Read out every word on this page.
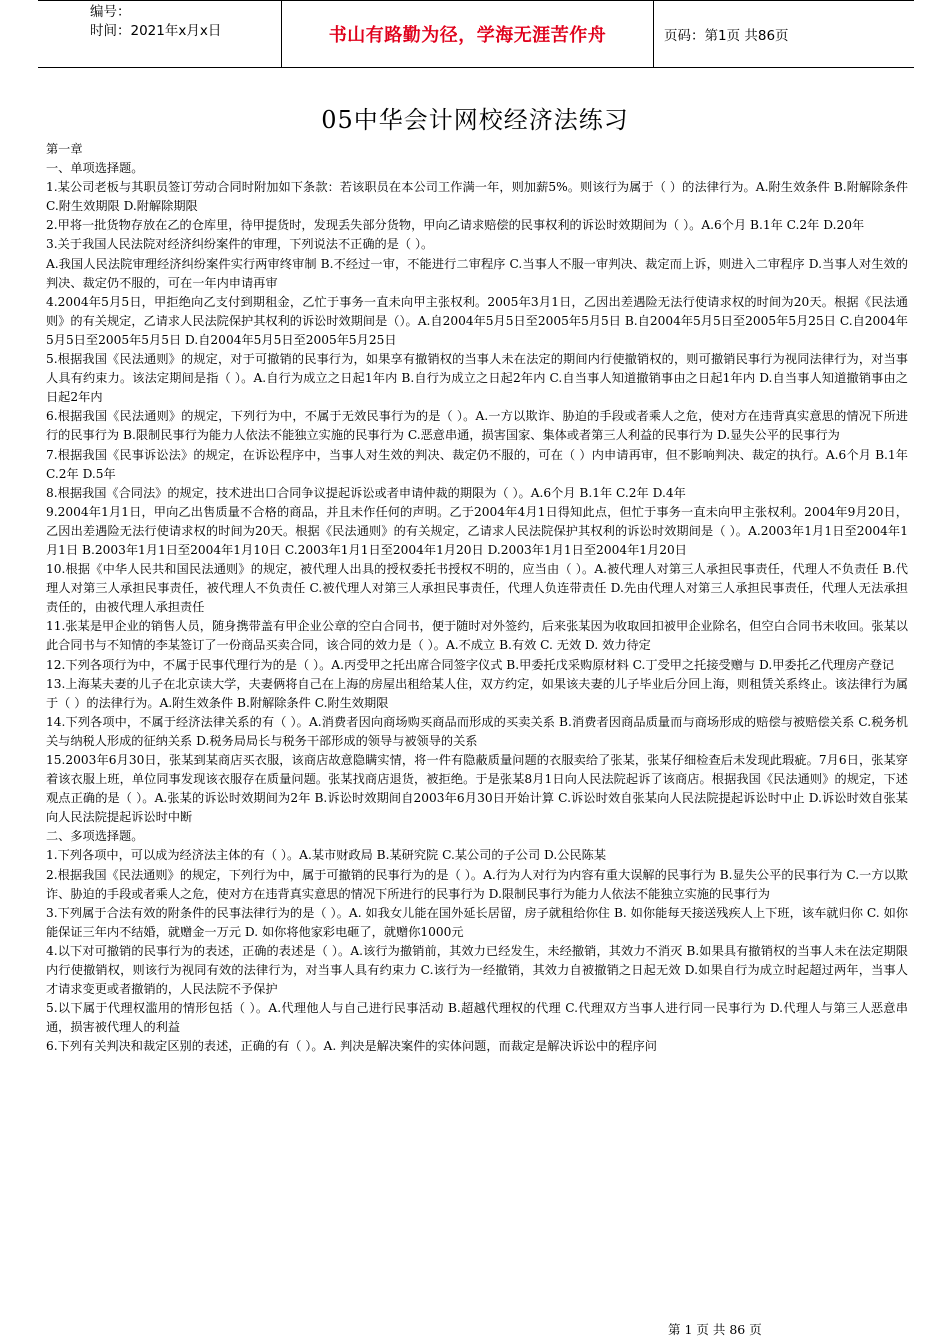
编号：
时间：2021年x月x日	书山有路勤为径，学海无涯苦作舟	页码：第1页 共86页
05中华会计网校经济法练习

第一章

一、单项选择题。

1.某公司老板与其职员签订劳动合同时附加如下条款：若该职员在本公司工作满一年，则加薪5%。则该行为属于（ ）的法律行为。A.附生效条件 B.附解除条件 C.附生效期限 D.附解除期限

2.甲将一批货物存放在乙的仓库里，待甲提货时，发现丢失部分货物，甲向乙请求赔偿的民事权利的诉讼时效期间为（ ）。A.6个月 B.1年 C.2年 D.20年

3.关于我国人民法院对经济纠纷案件的审理，下列说法不正确的是（ ）。

A.我国人民法院审理经济纠纷案件实行两审终审制 B.不经过一审，不能进行二审程序 C.当事人不服一审判决、裁定而上诉，则进入二审程序 D.当事人对生效的判决、裁定仍不服的，可在一年内申请再审

4.2004年5月5日，甲拒绝向乙支付到期租金，乙忙于事务一直未向甲主张权利。2005年3月1日，乙因出差遇险无法行使请求权的时间为20天。根据《民法通则》的有关规定，乙请求人民法院保护其权利的诉讼时效期间是（）。A.自2004年5月5日至2005年5月5日 B.自2004年5月5日至2005年5月25日 C.自2004年5月5日至2005年5月5日 D.自2004年5月5日至2005年5月25日

5.根据我国《民法通则》的规定，对于可撤销的民事行为，如果享有撤销权的当事人未在法定的期间内行使撤销权的，则可撤销民事行为视同法律行为，对当事人具有约束力。该法定期间是指（ ）。A.自行为成立之日起1年内 B.自行为成立之日起2年内 C.自当事人知道撤销事由之日起1年内 D.自当事人知道撤销事由之日起2年内

6.根据我国《民法通则》的规定，下列行为中，不属于无效民事行为的是（ ）。A.一方以欺诈、胁迫的手段或者乘人之危，使对方在违背真实意思的情况下所进行的民事行为 B.限制民事行为能力人依法不能独立实施的民事行为 C.恶意串通，损害国家、集体或者第三人利益的民事行为 D.显失公平的民事行为

7.根据我国《民事诉讼法》的规定，在诉讼程序中，当事人对生效的判决、裁定仍不服的，可在（ ）内申请再审，但不影响判决、裁定的执行。A.6个月 B.1年 C.2年 D.5年

8.根据我国《合同法》的规定，技术进出口合同争议提起诉讼或者申请仲裁的期限为（ ）。A.6个月 B.1年 C.2年 D.4年

9.2004年1月1日，甲向乙出售质量不合格的商品，并且未作任何的声明。乙于2004年4月1日得知此点，但忙于事务一直未向甲主张权利。2004年9月20日，乙因出差遇险无法行使请求权的时间为20天。根据《民法通则》的有关规定，乙请求人民法院保护其权利的诉讼时效期间是（ ）。A.2003年1月1日至2004年1月1日 B.2003年1月1日至2004年1月10日 C.2003年1月1日至2004年1月20日 D.2003年1月1日至2004年1月20日

10.根据《中华人民共和国民法通则》的规定，被代理人出具的授权委托书授权不明的，应当由（ ）。A.被代理人对第三人承担民事责任，代理人不负责任 B.代理人对第三人承担民事责任，被代理人不负责任 C.被代理人对第三人承担民事责任，代理人负连带责任 D.先由代理人对第三人承担民事责任，代理人无法承担责任的，由被代理人承担责任

11.张某是甲企业的销售人员，随身携带盖有甲企业公章的空白合同书，便于随时对外签约，后来张某因为收取回扣被甲企业除名，但空白合同书未收回。张某以此合同书与不知情的李某签订了一份商品买卖合同，该合同的效力是（ ）。A.不成立 B.有效 C. 无效 D. 效力待定

12.下列各项行为中，不属于民事代理行为的是（ ）。A.丙受甲之托出席合同签字仪式 B.甲委托戊采购原材料 C.丁受甲之托接受赠与 D.甲委托乙代理房产登记

13.上海某夫妻的儿子在北京读大学，夫妻俩将自己在上海的房屋出租给某人住，双方约定，如果该夫妻的儿子毕业后分回上海，则租赁关系终止。该法律行为属于（ ）的法律行为。A.附生效条件 B.附解除条件 C.附生效期限

14.下列各项中，不属于经济法律关系的有（ ）。A.消费者因向商场购买商品而形成的买卖关系 B.消费者因商品质量而与商场形成的赔偿与被赔偿关系 C.税务机关与纳税人形成的征纳关系 D.税务局局长与税务干部形成的领导与被领导的关系

15.2003年6月30日，张某到某商店买衣服，该商店故意隐瞒实情，将一件有隐蔽质量问题的衣服卖给了张某，张某仔细检查后未发现此瑕疵。7月6日，张某穿着该衣服上班，单位同事发现该衣服存在质量问题。张某找商店退货，被拒绝。于是张某8月1日向人民法院起诉了该商店。根据我国《民法通则》的规定，下述观点正确的是（ ）。A.张某的诉讼时效期间为2年 B.诉讼时效期间自2003年6月30日开始计算 C.诉讼时效自张某向人民法院提起诉讼时中止 D.诉讼时效自张某向人民法院提起诉讼时中断

二、多项选择题。

1.下列各项中，可以成为经济法主体的有（ ）。A.某市财政局 B.某研究院 C.某公司的子公司 D.公民陈某

2.根据我国《民法通则》的规定，下列行为中，属于可撤销的民事行为的是（ ）。A.行为人对行为内容有重大误解的民事行为 B.显失公平的民事行为 C.一方以欺诈、胁迫的手段或者乘人之危，使对方在违背真实意思的情况下所进行的民事行为 D.限制民事行为能力人依法不能独立实施的民事行为

3.下列属于合法有效的附条件的民事法律行为的是（ ）。A. 如我女儿能在国外延长居留，房子就租给你住 B. 如你能每天接送残疾人上下班，该车就归你 C. 如你能保证三年内不结婚，就赠金一万元 D. 如你将他家彩电砸了，就赠你1000元

4.以下对可撤销的民事行为的表述，正确的表述是（ ）。A.该行为撤销前，其效力已经发生，未经撤销，其效力不消灭 B.如果具有撤销权的当事人未在法定期限内行使撤销权，则该行为视同有效的法律行为，对当事人具有约束力 C.该行为一经撤销，其效力自被撤销之日起无效 D.如果自行为成立时起超过两年，当事人才请求变更或者撤销的，人民法院不予保护

5.以下属于代理权滥用的情形包括（ ）。A.代理他人与自己进行民事活动 B.超越代理权的代理 C.代理双方当事人进行同一民事行为 D.代理人与第三人恶意串通，损害被代理人的利益

6.下列有关判决和裁定区别的表述，正确的有（ ）。A. 判决是解决案件的实体问题，而裁定是解决诉讼中的程序问

第 1 页 共 86 页
